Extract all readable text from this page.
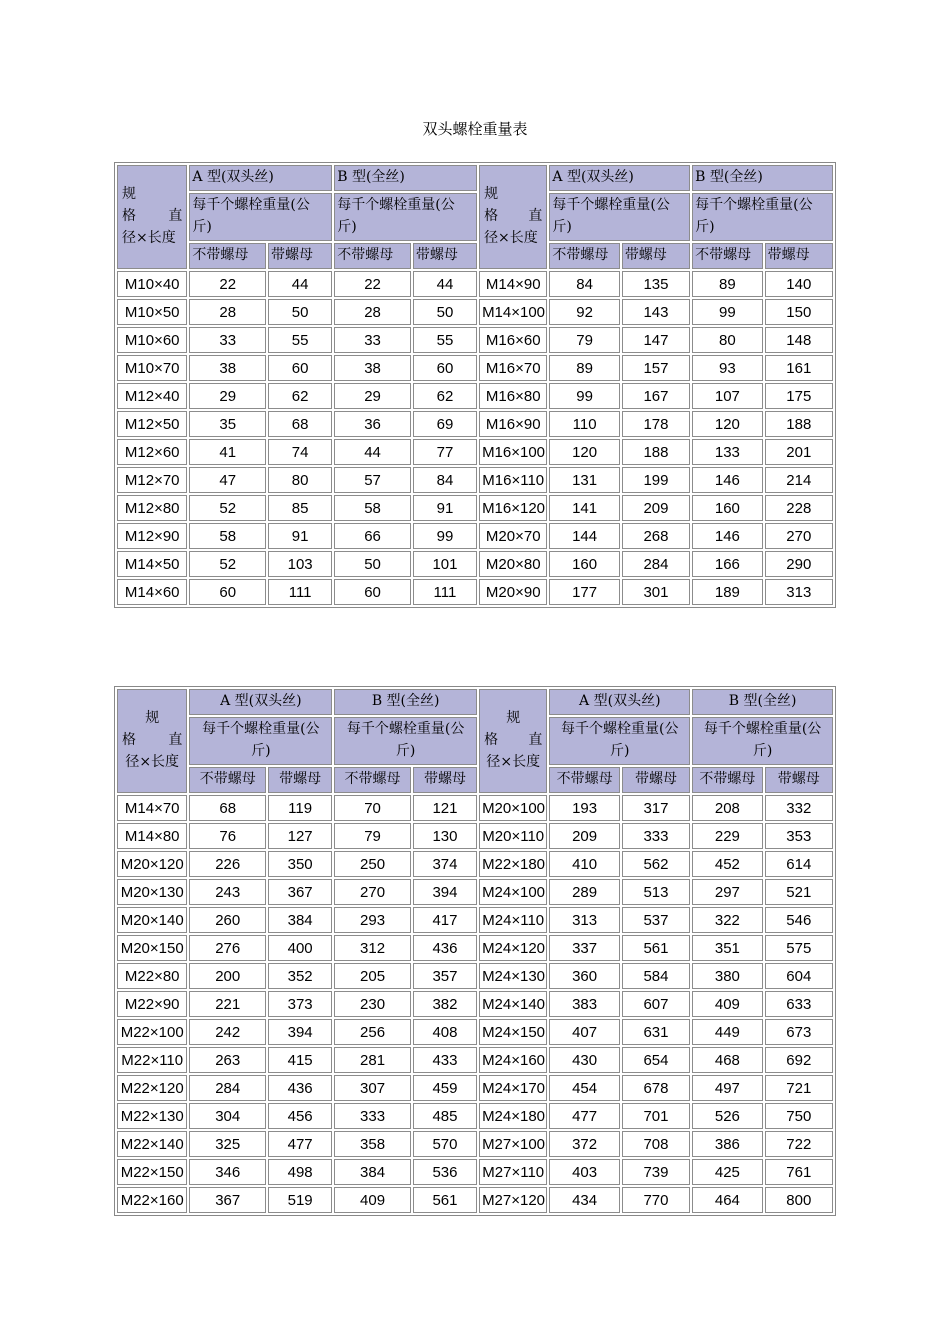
双头螺栓重量表
规
格 直
径×长度	A 型(双头丝)		B 型(全丝)		规
格 直
径×长度	A 型(双头丝)		B 型(全丝)	
	每千个螺栓重量(公斤)		每千个螺栓重量(公斤)			每千个螺栓重量(公斤)		每千个螺栓重量(公斤)	
	不带螺母	带螺母	不带螺母	带螺母		不带螺母	带螺母	不带螺母	带螺母
M10×40	22	44	22	44	M14×90	84	135	89	140
M10×50	28	50	28	50	M14×100	92	143	99	150
M10×60	33	55	33	55	M16×60	79	147	80	148
M10×70	38	60	38	60	M16×70	89	157	93	161
M12×40	29	62	29	62	M16×80	99	167	107	175
M12×50	35	68	36	69	M16×90	110	178	120	188
M12×60	41	74	44	77	M16×100	120	188	133	201
M12×70	47	80	57	84	M16×110	131	199	146	214
M12×80	52	85	58	91	M16×120	141	209	160	228
M12×90	58	91	66	99	M20×70	144	268	146	270
M14×50	52	103	50	101	M20×80	160	284	166	290
M14×60	60	111	60	111	M20×90	177	301	189	313
规
格 直
径×长度	A 型(双头丝)		B 型(全丝)		规
格 直
径×长度	A 型(双头丝)		B 型(全丝)	
	每千个螺栓重量(公斤)		每千个螺栓重量(公斤)			每千个螺栓重量(公斤)		每千个螺栓重量(公斤)	
	不带螺母	带螺母	不带螺母	带螺母		不带螺母	带螺母	不带螺母	带螺母
M14×70	68	119	70	121	M20×100	193	317	208	332
M14×80	76	127	79	130	M20×110	209	333	229	353
M20×120	226	350	250	374	M22×180	410	562	452	614
M20×130	243	367	270	394	M24×100	289	513	297	521
M20×140	260	384	293	417	M24×110	313	537	322	546
M20×150	276	400	312	436	M24×120	337	561	351	575
M22×80	200	352	205	357	M24×130	360	584	380	604
M22×90	221	373	230	382	M24×140	383	607	409	633
M22×100	242	394	256	408	M24×150	407	631	449	673
M22×110	263	415	281	433	M24×160	430	654	468	692
M22×120	284	436	307	459	M24×170	454	678	497	721
M22×130	304	456	333	485	M24×180	477	701	526	750
M22×140	325	477	358	570	M27×100	372	708	386	722
M22×150	346	498	384	536	M27×110	403	739	425	761
M22×160	367	519	409	561	M27×120	434	770	464	800
